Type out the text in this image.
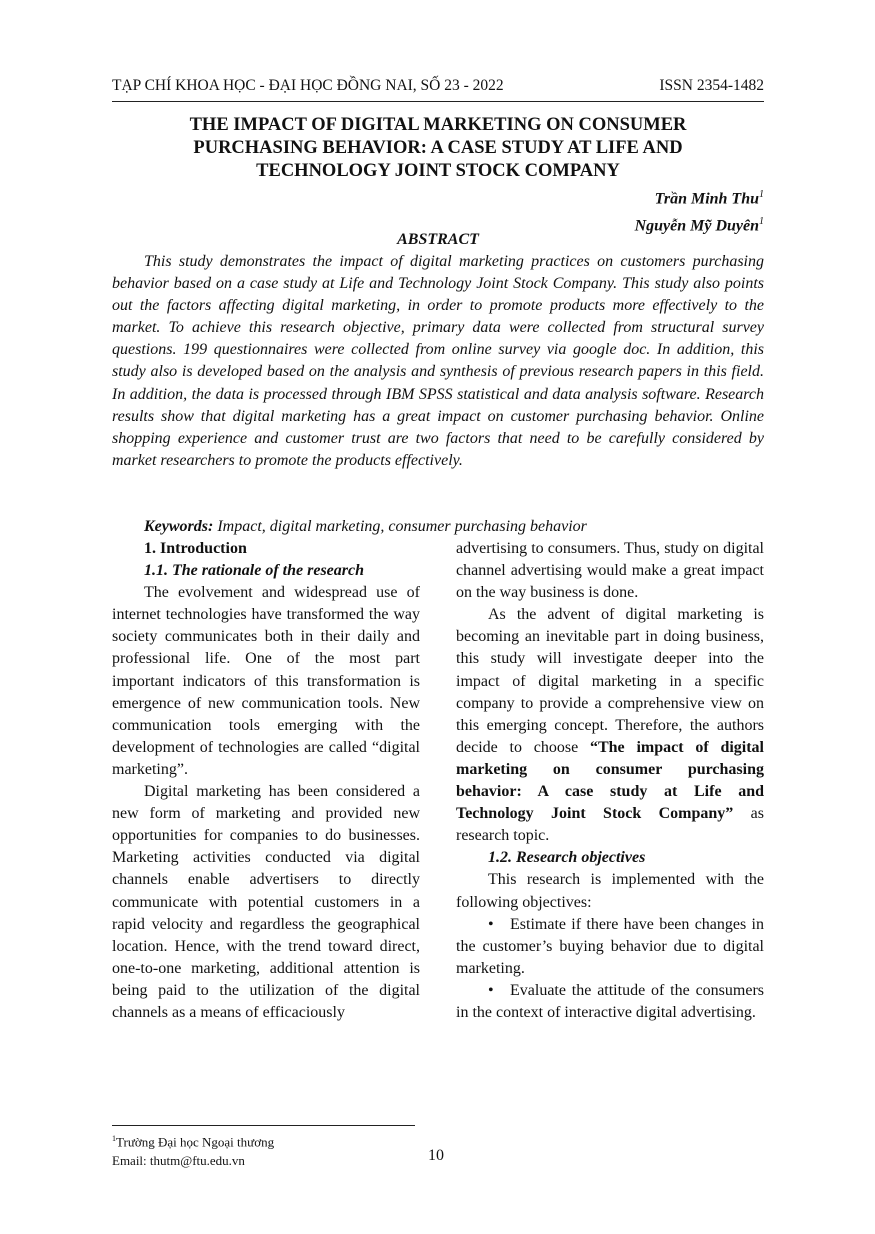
TẠP CHÍ KHOA HỌC - ĐẠI HỌC ĐỒNG NAI, SỐ 23 - 2022	ISSN 2354-1482
THE IMPACT OF DIGITAL MARKETING ON CONSUMER
PURCHASING BEHAVIOR: A CASE STUDY AT LIFE AND
TECHNOLOGY JOINT STOCK COMPANY
Trần Minh Thu$^1$
Nguyễn Mỹ Duyên$^1$
ABSTRACT

This study demonstrates the impact of digital marketing practices on customers purchasing behavior based on a case study at Life and Technology Joint Stock Company. This study also points out the factors affecting digital marketing, in order to promote products more effectively to the market. To achieve this research objective, primary data were collected from structural survey questions. 199 questionnaires were collected from online survey via google doc. In addition, this study also is developed based on the analysis and synthesis of previous research papers in this field. In addition, the data is processed through IBM SPSS statistical and data analysis software. Research results show that digital marketing has a great impact on customer purchasing behavior. Online shopping experience and customer trust are two factors that need to be carefully considered by market researchers to promote the products effectively.

Keywords: Impact, digital marketing, consumer purchasing behavior

1. Introduction

1.1. The rationale of the research

The evolvement and widespread use of internet technologies have transformed the way society communicates both in their daily and professional life. One of the most part important indicators of this transformation is emergence of new communication tools. New communication tools emerging with the development of technologies are called “digital marketing”.

Digital marketing has been considered a new form of marketing and provided new opportunities for companies to do businesses. Marketing activities conducted via digital channels enable advertisers to directly communicate with potential customers in a rapid velocity and regardless the geographical location. Hence, with the trend toward direct, one-to-one marketing, additional attention is being paid to the utilization of the digital channels as a means of efficaciously

advertising to consumers. Thus, study on digital channel advertising would make a great impact on the way business is done.

As the advent of digital marketing is becoming an inevitable part in doing business, this study will investigate deeper into the impact of digital marketing in a specific company to provide a comprehensive view on this emerging concept. Therefore, the authors decide to choose “The impact of digital marketing on consumer purchasing behavior: A case study at Life and Technology Joint Stock Company” as research topic.

1.2. Research objectives

This research is implemented with the following objectives:

• Estimate if there have been changes in the customer’s buying behavior due to digital marketing.

• Evaluate the attitude of the consumers in the context of interactive digital advertising.

$^1$Trường Đại học Ngoại thương
Email: thutm@ftu.edu.vn	10
